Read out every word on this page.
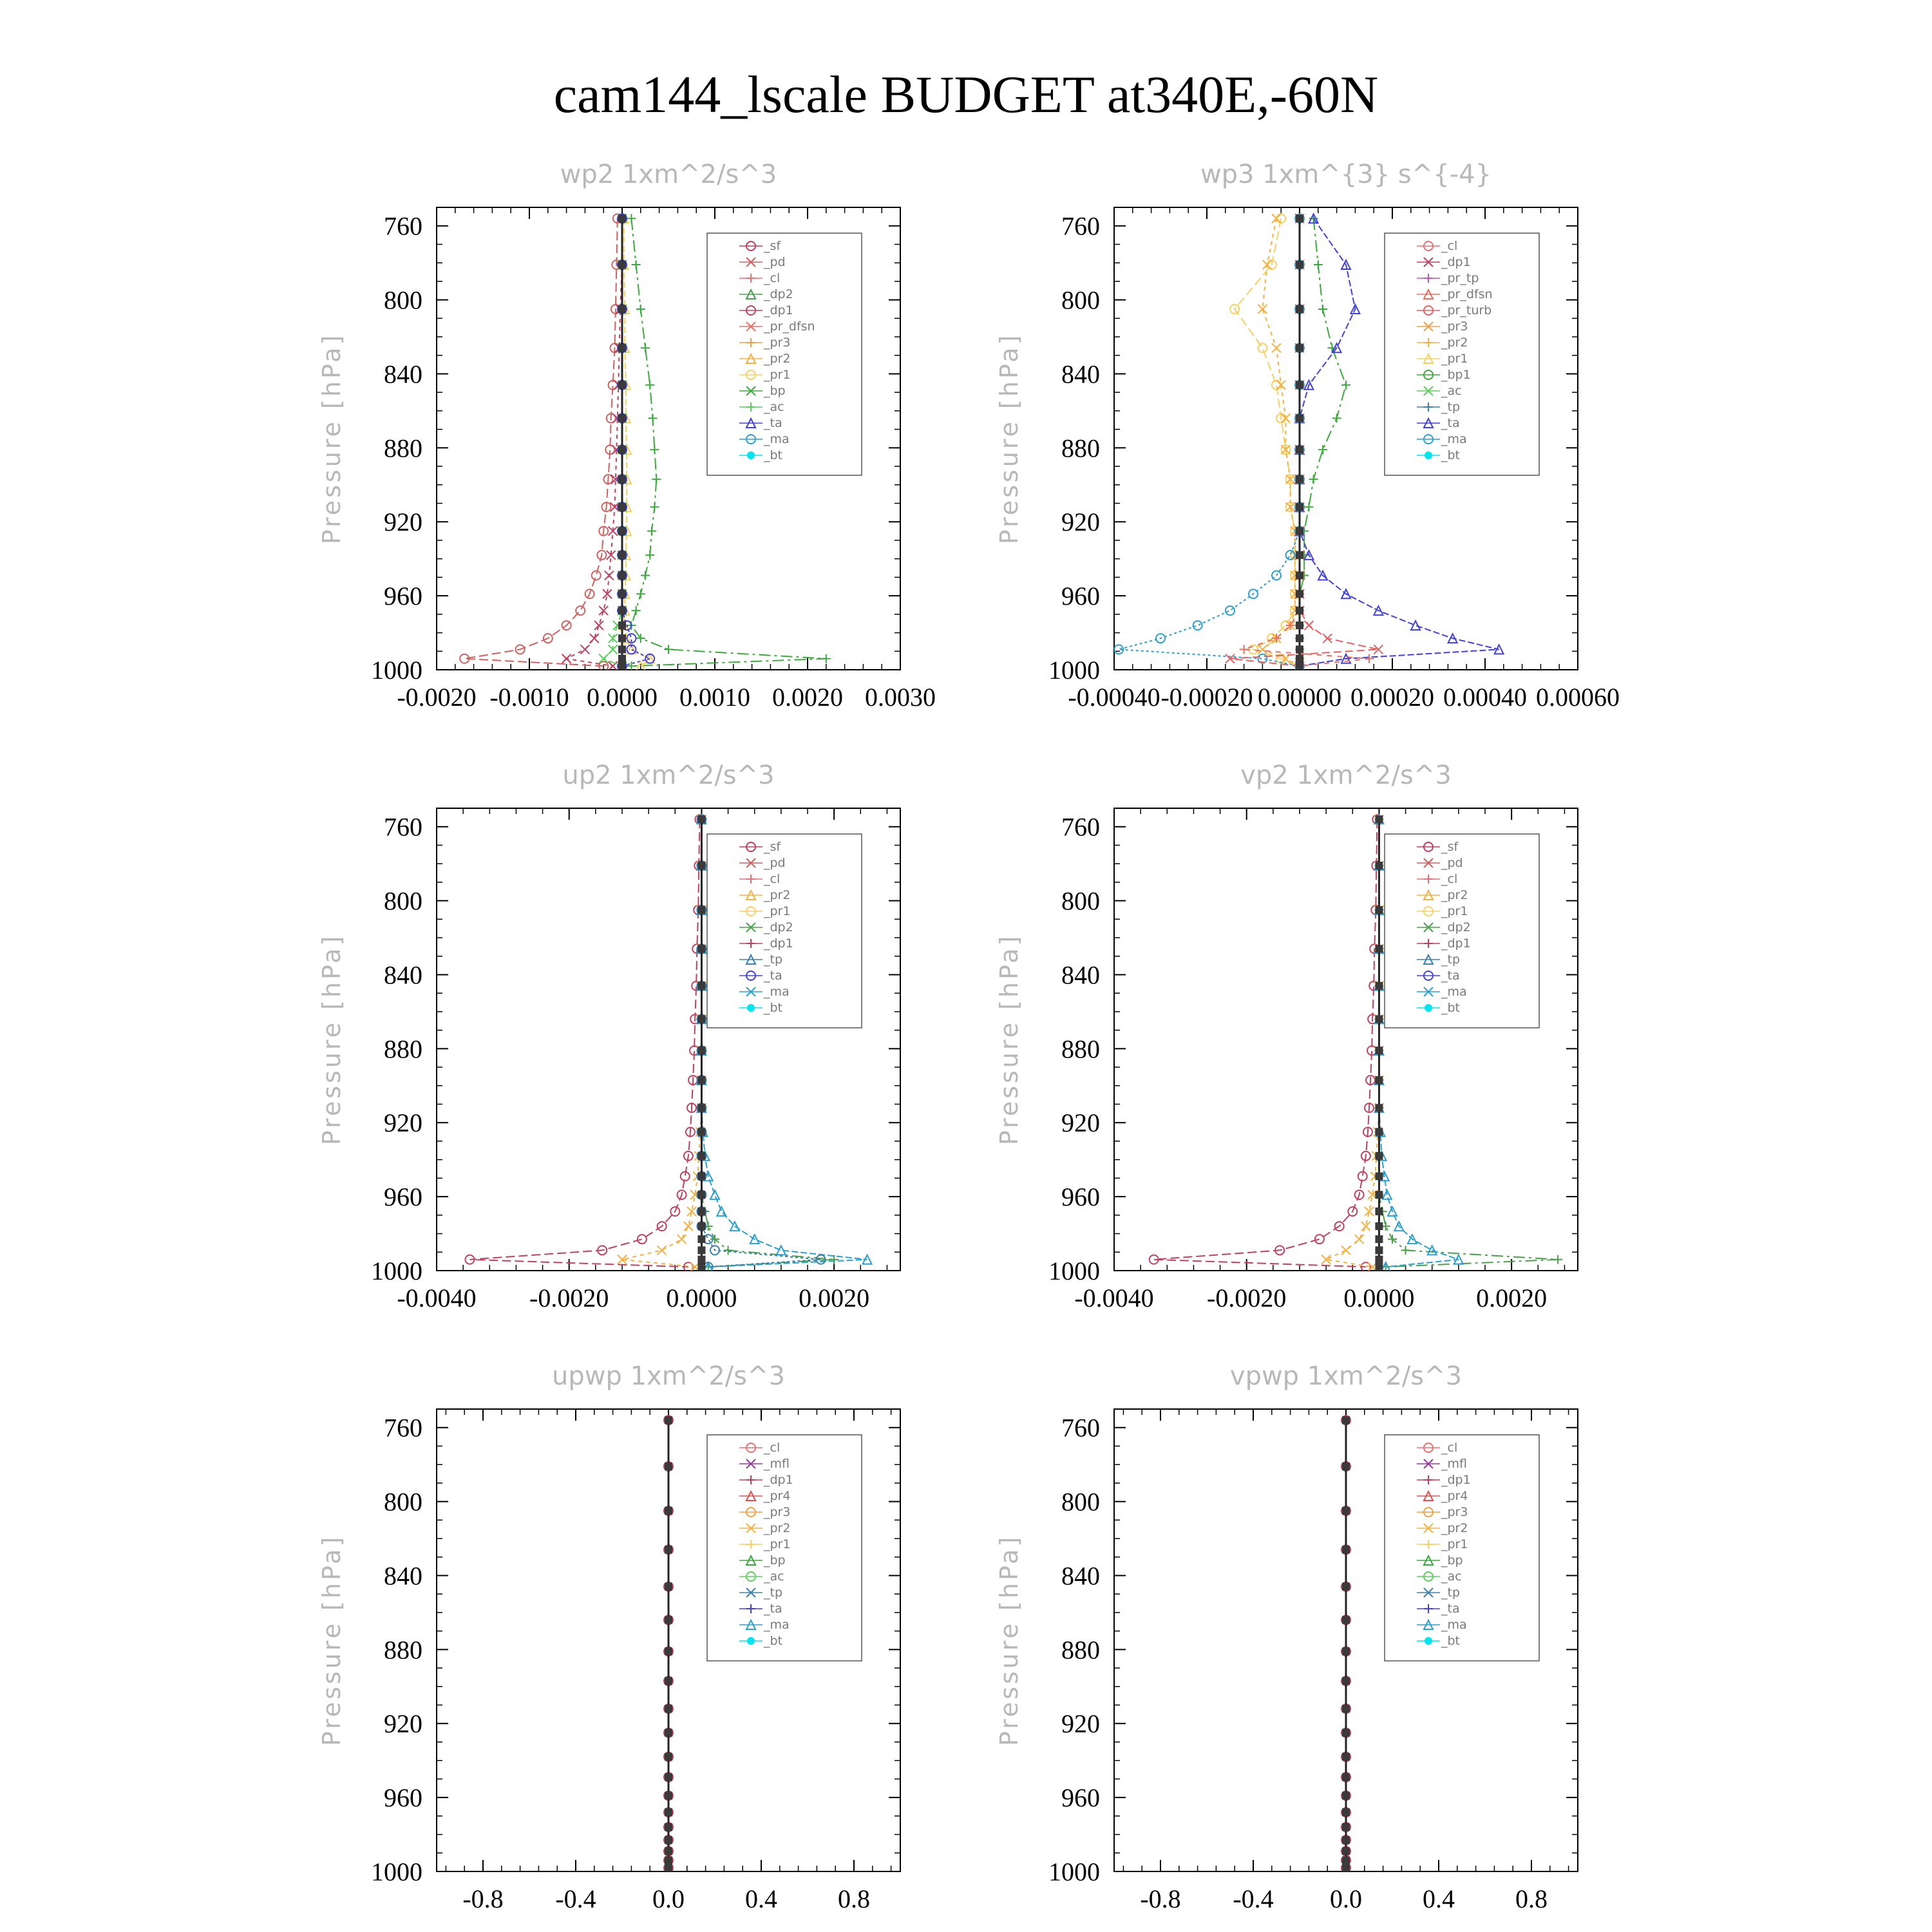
cam144_lscale BUDGET at340E,-60N
wp2 1xm^2/s^3
Pressure [hPa]
760
800
840
880
920
960
1000
-0.0020 -0.0010 0.0000 0.0010 0.0020 0.0030
_sf
_pd
_cl
_dp2
_dp1
_pr_dfsn
_pr3
_pr2
_pr1
_bp
_ac
_ta
_ma
_bt
wp3 1xm^{3} s^{-4}
Pressure [hPa]
760
800
840
880
920
960
1000
-0.00040 -0.00020 0.00000 0.00020 0.00040 0.00060
_cl
_dp1
_pr_tp
_pr_dfsn
_pr_turb
_pr3
_pr2
_pr1
_bp1
_ac
_tp
_ta
_ma
_bt
up2 1xm^2/s^3
Pressure [hPa]
760
800
840
880
920
960
1000
-0.0040 -0.0020 0.0000 0.0020
_sf
_pd
_cl
_pr2
_pr1
_dp2
_dp1
_tp
_ta
_ma
_bt
vp2 1xm^2/s^3
Pressure [hPa]
760
800
840
880
920
960
1000
-0.0040 -0.0020 0.0000 0.0020
_sf
_pd
_cl
_pr2
_pr1
_dp2
_dp1
_tp
_ta
_ma
_bt
upwp 1xm^2/s^3
Pressure [hPa]
760
800
840
880
920
960
1000
-0.8 -0.4 0.0 0.4 0.8
_cl
_mfl
_dp1
_pr4
_pr3
_pr2
_pr1
_bp
_ac
_tp
_ta
_ma
_bt
vpwp 1xm^2/s^3
Pressure [hPa]
760
800
840
880
920
960
1000
-0.8 -0.4 0.0 0.4 0.8
_cl
_mfl
_dp1
_pr4
_pr3
_pr2
_pr1
_bp
_ac
_tp
_ta
_ma
_bt
